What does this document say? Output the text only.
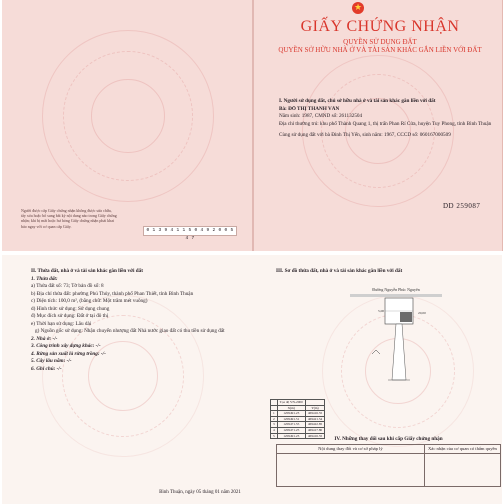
★
GIẤY CHỨNG NHẬN
QUYỀN SỬ DỤNG ĐẤT
QUYỀN SỞ HỮU NHÀ Ở VÀ TÀI SẢN KHÁC GẮN LIỀN VỚI ĐẤT
I. Người sử dụng đất, chủ sở hữu nhà ở và tài sản khác gắn liền với đất
Bà: ĐỖ THỊ THANH VÂN
Năm sinh: 1987, CMND số: 261132504
Địa chỉ thường trú: khu phố Thành Quang 1, thị trấn Phan Rí Cửa, huyện Tuy Phong, tỉnh Bình Thuận
Cùng sử dụng đất với bà Đinh Thị Yến, sinh năm: 1967, CCCD số: 060167000509
DD 259087
Người được cấp Giấy chứng nhận không được sửa chữa, tẩy xóa hoặc bổ sung bất kỳ nội dung nào trong Giấy chứng nhận; khi bị mất hoặc hư hỏng Giấy chứng nhận phải khai báo ngay với cơ quan cấp Giấy.
0 1 3 9 4 1 1 5 0 4 9 2 0 0 5 4 7
II. Thửa đất, nhà ở và tài sản khác gắn liền với đất
1. Thửa đất:
a) Thửa đất số: 73; Tờ bản đồ số: 8
b) Địa chỉ thửa đất: phường Phú Thủy, thành phố Phan Thiết, tỉnh Bình Thuận
c) Diện tích: 100,0 m², (bằng chữ: Một trăm mét vuông)
d) Hình thức sử dụng: Sử dụng chung
đ) Mục đích sử dụng: Đất ở tại đô thị
e) Thời hạn sử dụng: Lâu dài
g) Nguồn gốc sử dụng: Nhận chuyển nhượng đất Nhà nước giao đất có thu tiền sử dụng đất
2. Nhà ở: -/-
3. Công trình xây dựng khác: -/-
4. Rừng sản xuất là rừng trồng: -/-
5. Cây lâu năm: -/-
6. Ghi chú: -/-
III. Sơ đồ thửa đất, nhà ở và tài sản khác gắn liền với đất
Đường Nguyễn Phúc Nguyên
5,00	20,00
	Tọa độ VN-2000	
	X(m)	Y(m)
1	1209491.23	469416.55
2	1209491.51	469421.54
3	1209471.55	469422.85
4	1209471.25	469417.80
5	1209491.23	469416.55
IV. Những thay đổi sau khi cấp Giấy chứng nhận
Nội dung thay đổi và cơ sở pháp lý	Xác nhận của cơ quan có thẩm quyền

Bình Thuận, ngày 05 tháng 01 năm 2021
